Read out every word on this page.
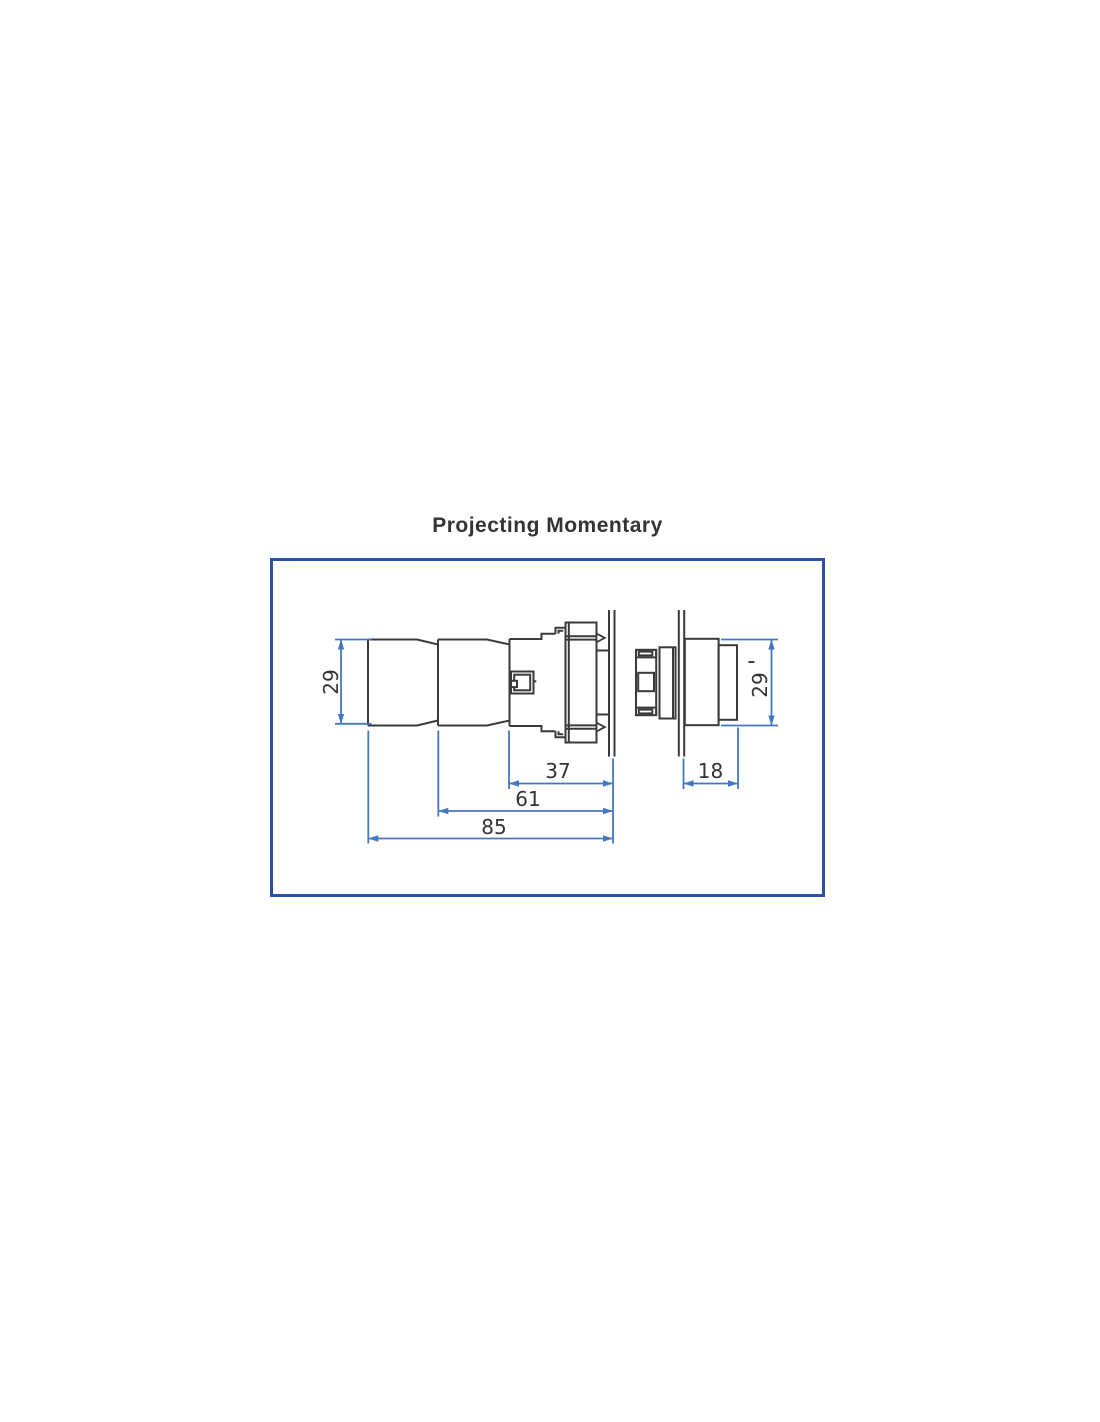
Projecting Momentary
29	29
37
61
85
18
